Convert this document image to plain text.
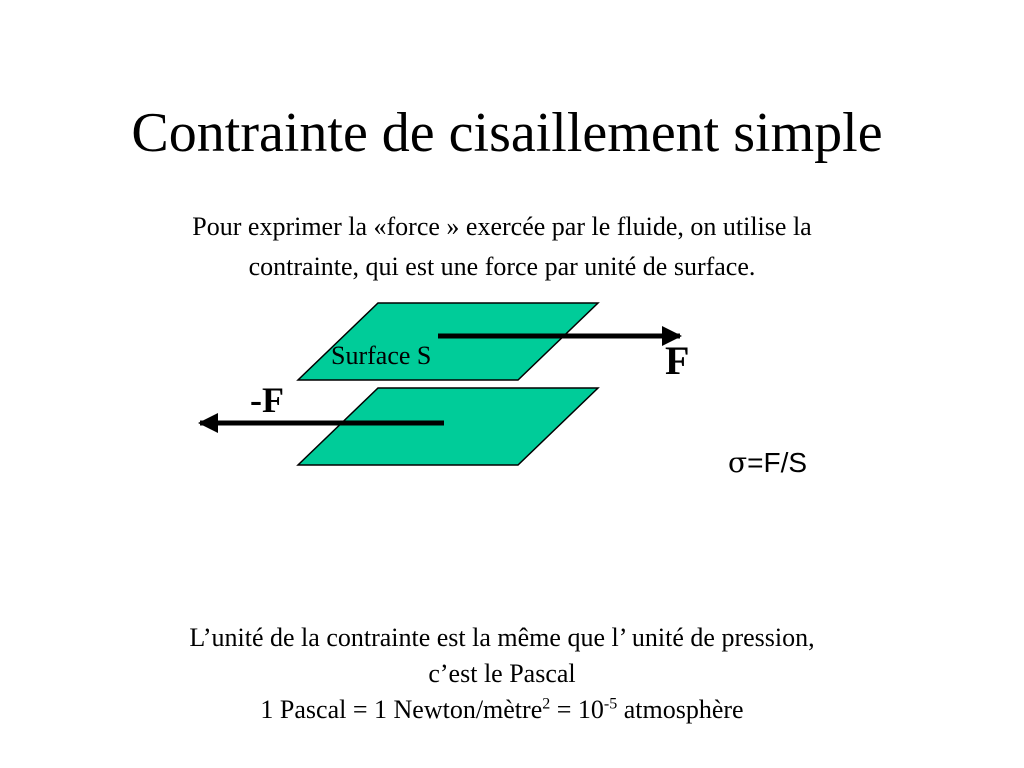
Contrainte de cisaillement simple
Pour exprimer la «force » exercée par le fluide, on utilise la
contrainte, qui est une force par unité de surface.
Surface S	F
-F
σ=F/S
L’unité de la contrainte est la même que l’ unité de pression,
c’est le Pascal
1 Pascal = 1 Newton/mètre$^2$ = $10^{-5}$ atmosphère
